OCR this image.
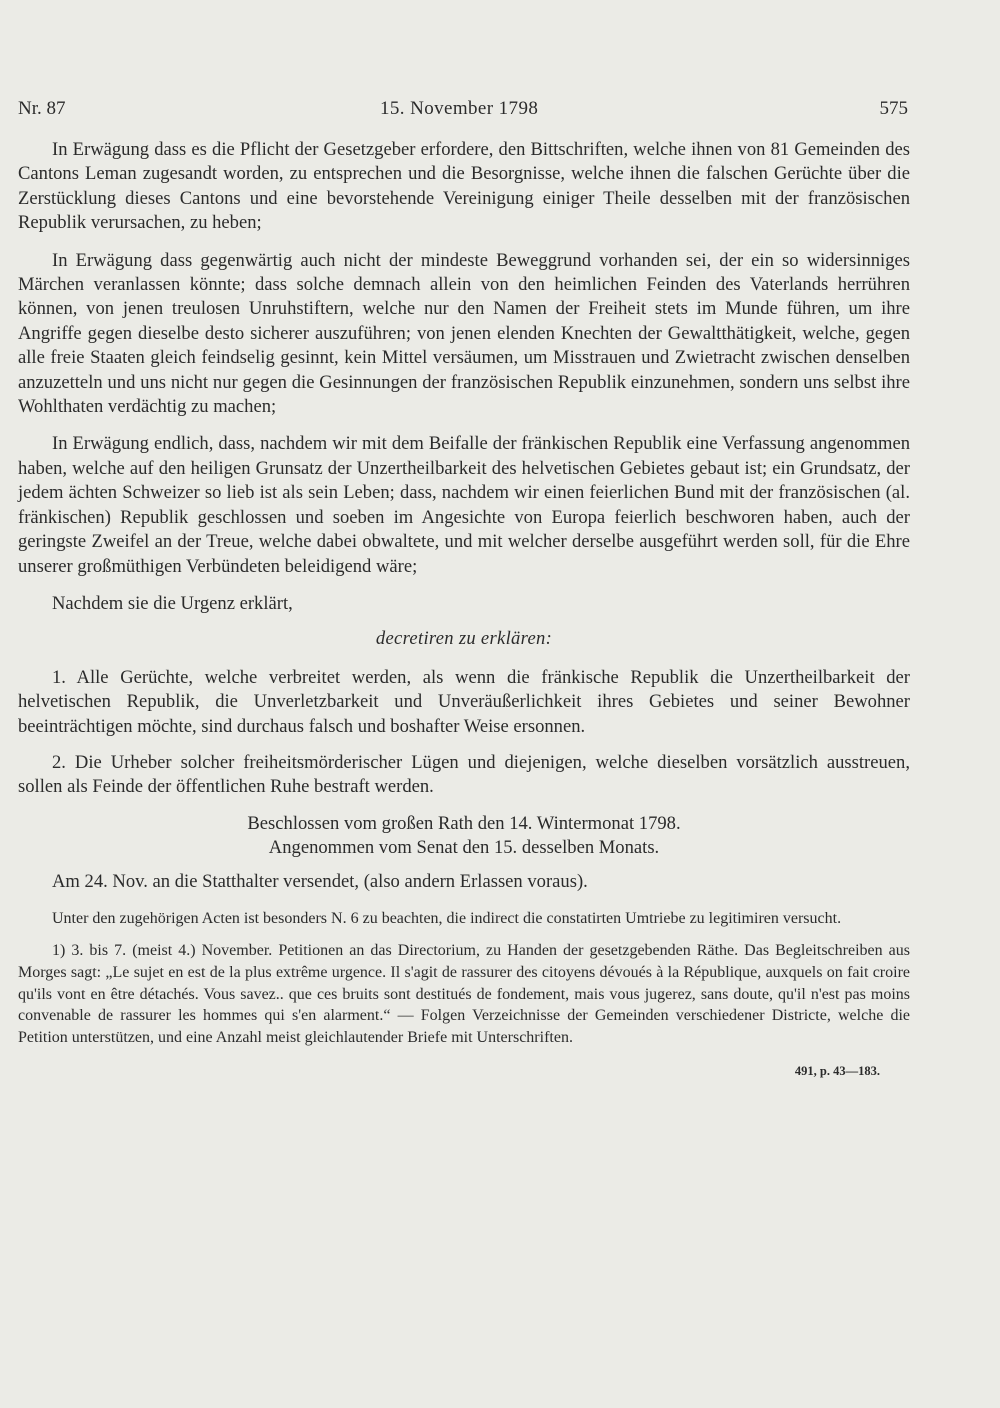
Nr. 87	15. November 1798	575

In Erwägung dass es die Pflicht der Gesetzgeber erfordere, den Bittschriften, welche ihnen von 81 Gemeinden des Cantons Leman zugesandt worden, zu entsprechen und die Besorgnisse, welche ihnen die falschen Gerüchte über die Zerstücklung dieses Cantons und eine bevorstehende Vereinigung einiger Theile desselben mit der französischen Republik verursachen, zu heben;

In Erwägung dass gegenwärtig auch nicht der mindeste Beweggrund vorhanden sei, der ein so widersinniges Märchen veranlassen könnte; dass solche demnach allein von den heimlichen Feinden des Vaterlands herrühren können, von jenen treulosen Unruhstiftern, welche nur den Namen der Freiheit stets im Munde führen, um ihre Angriffe gegen dieselbe desto sicherer auszuführen; von jenen elenden Knechten der Gewaltthätigkeit, welche, gegen alle freie Staaten gleich feindselig gesinnt, kein Mittel versäumen, um Misstrauen und Zwietracht zwischen denselben anzuzetteln und uns nicht nur gegen die Gesinnungen der französischen Republik einzunehmen, sondern uns selbst ihre Wohlthaten verdächtig zu machen;

In Erwägung endlich, dass, nachdem wir mit dem Beifalle der fränkischen Republik eine Verfassung angenommen haben, welche auf den heiligen Grunsatz der Unzertheilbarkeit des helvetischen Gebietes gebaut ist; ein Grundsatz, der jedem ächten Schweizer so lieb ist als sein Leben; dass, nachdem wir einen feierlichen Bund mit der französischen (al. fränkischen) Republik geschlossen und soeben im Angesichte von Europa feierlich beschworen haben, auch der geringste Zweifel an der Treue, welche dabei obwaltete, und mit welcher derselbe ausgeführt werden soll, für die Ehre unserer großmüthigen Verbündeten beleidigend wäre;

Nachdem sie die Urgenz erklärt,

decretiren zu erklären:

1. Alle Gerüchte, welche verbreitet werden, als wenn die fränkische Republik die Unzertheilbarkeit der helvetischen Republik, die Unverletzbarkeit und Unveräußerlichkeit ihres Gebietes und seiner Bewohner beeinträchtigen möchte, sind durchaus falsch und boshafter Weise ersonnen.

2. Die Urheber solcher freiheitsmörderischer Lügen und diejenigen, welche dieselben vorsätzlich ausstreuen, sollen als Feinde der öffentlichen Ruhe bestraft werden.

Beschlossen vom großen Rath den 14. Wintermonat 1798.

Angenommen vom Senat den 15. desselben Monats.

Am 24. Nov. an die Statthalter versendet, (also andern Erlassen voraus).

Unter den zugehörigen Acten ist besonders N. 6 zu beachten, die indirect die constatirten Umtriebe zu legitimiren versucht.

1) 3. bis 7. (meist 4.) November. Petitionen an das Directorium, zu Handen der gesetzgebenden Räthe. Das Begleitschreiben aus Morges sagt: „Le sujet en est de la plus extrême urgence. Il s'agit de rassurer des citoyens dévoués à la République, auxquels on fait croire qu'ils vont en être détachés. Vous savez.. que ces bruits sont destitués de fondement, mais vous jugerez, sans doute, qu'il n'est pas moins convenable de rassurer les hommes qui s'en alarment.“ — Folgen Verzeichnisse der Gemeinden verschiedener Districte, welche die Petition unterstützen, und eine Anzahl meist gleichlautender Briefe mit Unterschriften.

491, p. 43—183.
